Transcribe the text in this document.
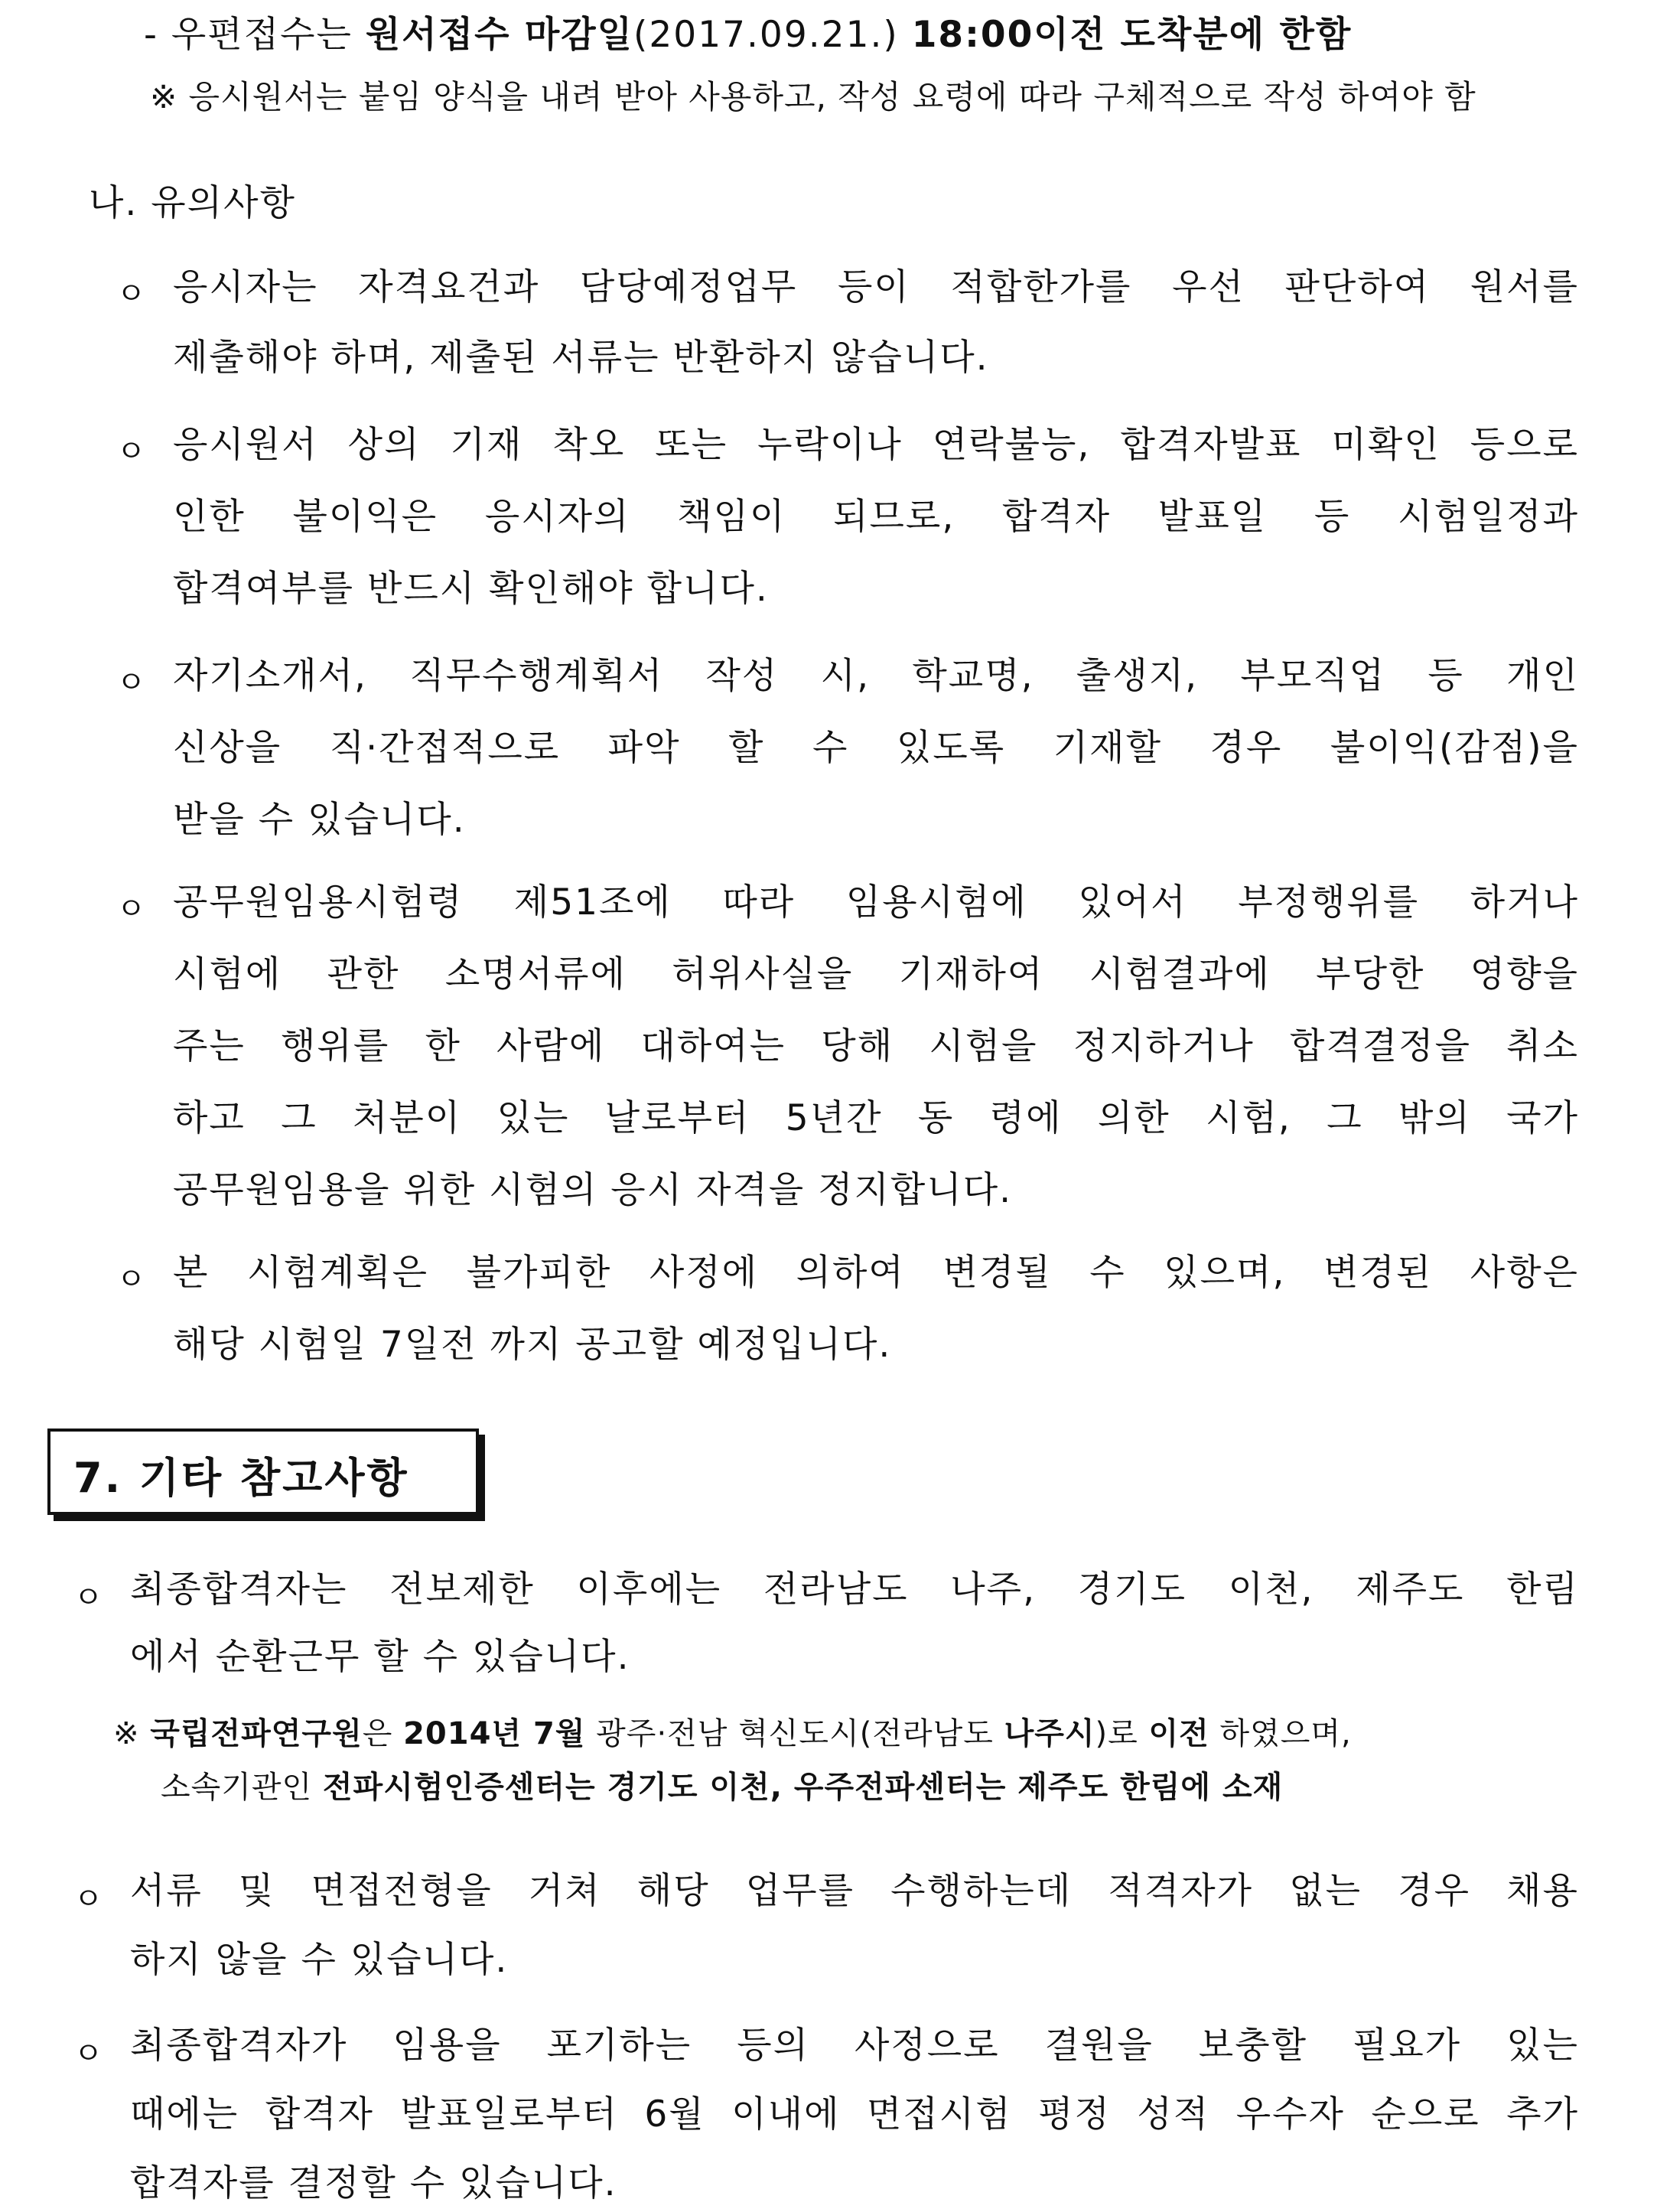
- 우편접수는 원서접수 마감일(2017.09.21.) 18:00이전 도착분에 한함
※ 응시원서는 붙임 양식을 내려 받아 사용하고, 작성 요령에 따라 구체적으로 작성 하여야 함
나. 유의사항
ㅇ 응시자는 자격요건과 담당예정업무 등이 적합한가를 우선 판단하여 원서를
제출해야 하며, 제출된 서류는 반환하지 않습니다.
ㅇ 응시원서 상의 기재 착오 또는 누락이나 연락불능, 합격자발표 미확인 등으로
인한 불이익은 응시자의 책임이 되므로, 합격자 발표일 등 시험일정과
합격여부를 반드시 확인해야 합니다.
ㅇ 자기소개서, 직무수행계획서 작성 시, 학교명, 출생지, 부모직업 등 개인
신상을 직·간접적으로 파악 할 수 있도록 기재할 경우 불이익(감점)을
받을 수 있습니다.
ㅇ 공무원임용시험령 제51조에 따라 임용시험에 있어서 부정행위를 하거나
시험에 관한 소명서류에 허위사실을 기재하여 시험결과에 부당한 영향을
주는 행위를 한 사람에 대하여는 당해 시험을 정지하거나 합격결정을 취소
하고 그 처분이 있는 날로부터 5년간 동 령에 의한 시험, 그 밖의 국가
공무원임용을 위한 시험의 응시 자격을 정지합니다.
ㅇ 본 시험계획은 불가피한 사정에 의하여 변경될 수 있으며, 변경된 사항은
해당 시험일 7일전 까지 공고할 예정입니다.
7. 기타 참고사항
ㅇ 최종합격자는 전보제한 이후에는 전라남도 나주, 경기도 이천, 제주도 한림
에서 순환근무 할 수 있습니다.
※ 국립전파연구원은 2014년 7월 광주·전남 혁신도시(전라남도 나주시)로 이전 하였으며,
소속기관인 전파시험인증센터는 경기도 이천, 우주전파센터는 제주도 한림에 소재
ㅇ 서류 및 면접전형을 거쳐 해당 업무를 수행하는데 적격자가 없는 경우 채용
하지 않을 수 있습니다.
ㅇ 최종합격자가 임용을 포기하는 등의 사정으로 결원을 보충할 필요가 있는
때에는 합격자 발표일로부터 6월 이내에 면접시험 평정 성적 우수자 순으로 추가
합격자를 결정할 수 있습니다.
